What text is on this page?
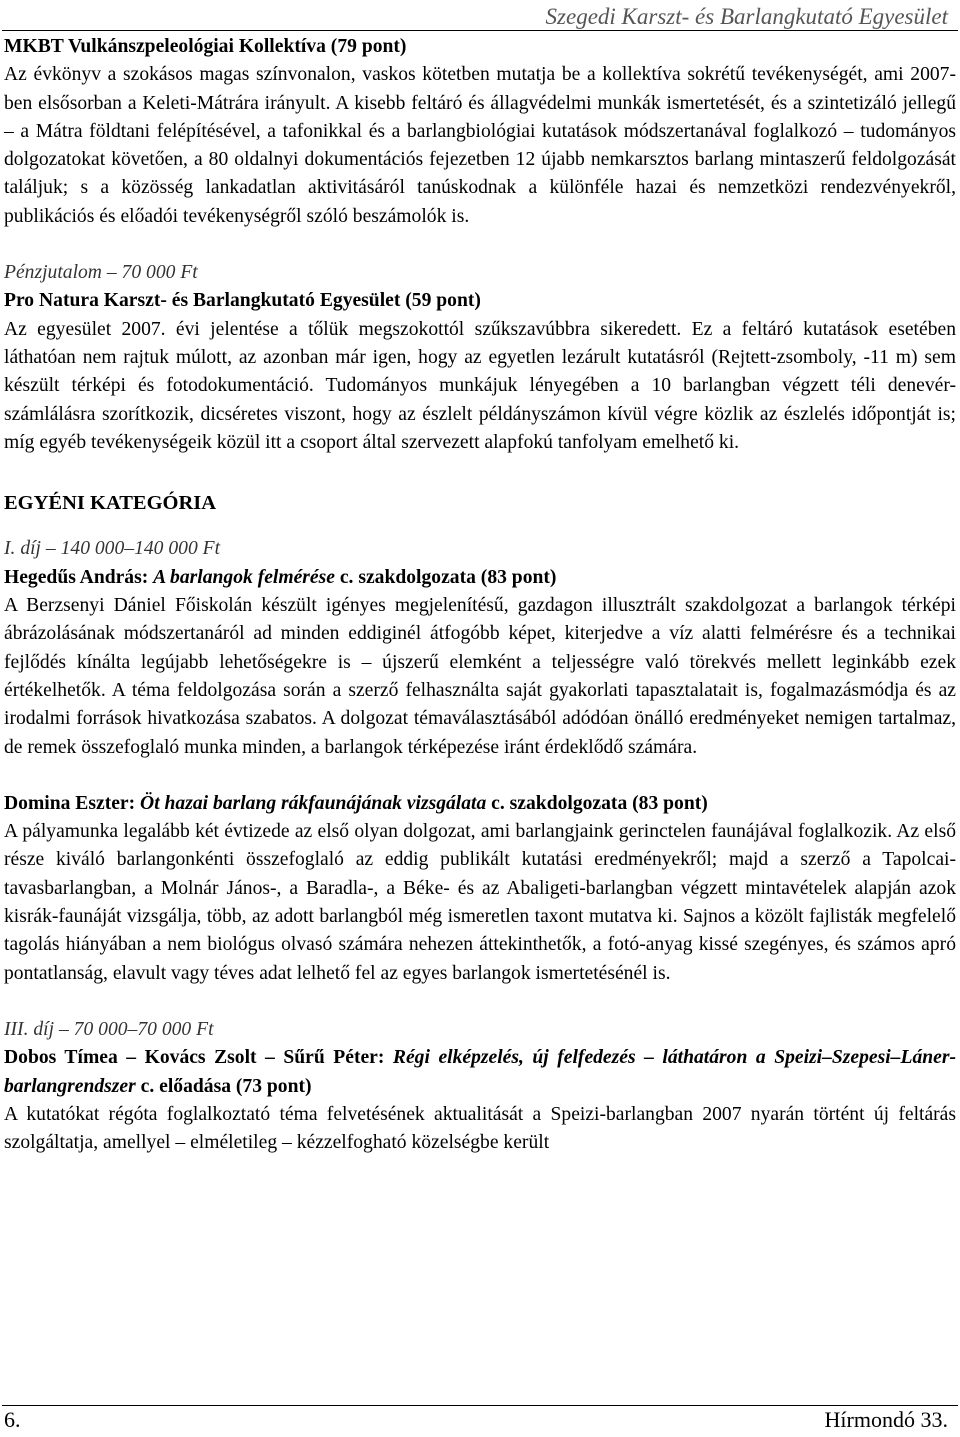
Szegedi Karszt- és Barlangkutató Egyesület

MKBT Vulkánszpeleológiai Kollektíva (79 pont)

Az évkönyv a szokásos magas színvonalon, vaskos kötetben mutatja be a kollektíva sokrétű tevékenységét, ami 2007-ben elsősorban a Keleti-Mátrára irányult. A kisebb feltáró és állagvédelmi munkák ismertetését, és a szintetizáló jellegű – a Mátra földtani felépítésével, a tafonikkal és a barlangbiológiai kutatások módszertanával foglalkozó – tudományos dolgozatokat követően, a 80 oldalnyi dokumentációs fejezetben 12 újabb nemkarsztos barlang mintaszerű feldolgozását találjuk; s a közösség lankadatlan aktivitásáról tanúskodnak a különféle hazai és nemzetközi rendezvényekről, publikációs és előadói tevékenységről szóló beszámolók is.

Pénzjutalom – 70 000 Ft

Pro Natura Karszt- és Barlangkutató Egyesület (59 pont)

Az egyesület 2007. évi jelentése a tőlük megszokottól szűkszavúbbra sikeredett. Ez a feltáró kutatások esetében láthatóan nem rajtuk múlott, az azonban már igen, hogy az egyetlen lezárult kutatásról (Rejtett-zsomboly, -11 m) sem készült térképi és fotodokumentáció. Tudományos munkájuk lényegében a 10 barlangban végzett téli denevér-számlálásra szorítkozik, dicséretes viszont, hogy az észlelt példányszámon kívül végre közlik az észlelés időpontját is; míg egyéb tevékenységeik közül itt a csoport által szervezett alapfokú tanfolyam emelhető ki.

EGYÉNI KATEGÓRIA

I. díj – 140 000–140 000 Ft

Hegedűs András: A barlangok felmérése c. szakdolgozata (83 pont)

A Berzsenyi Dániel Főiskolán készült igényes megjelenítésű, gazdagon illusztrált szakdolgozat a barlangok térképi ábrázolásának módszertanáról ad minden eddiginél átfogóbb képet, kiterjedve a víz alatti felmérésre és a technikai fejlődés kínálta legújabb lehetőségekre is – újszerű elemként a teljességre való törekvés mellett leginkább ezek értékelhetők. A téma feldolgozása során a szerző felhasználta saját gyakorlati tapasztalatait is, fogalmazásmódja és az irodalmi források hivatkozása szabatos. A dolgozat témaválasztásából adódóan önálló eredményeket nemigen tartalmaz, de remek összefoglaló munka minden, a barlangok térképezése iránt érdeklődő számára.

Domina Eszter: Öt hazai barlang rákfaunájának vizsgálata c. szakdolgozata (83 pont)

A pályamunka legalább két évtizede az első olyan dolgozat, ami barlangjaink gerinctelen faunájával foglalkozik. Az első része kiváló barlangonkénti összefoglaló az eddig publikált kutatási eredményekről; majd a szerző a Tapolcai-tavasbarlangban, a Molnár János-, a Baradla-, a Béke- és az Abaligeti-barlangban végzett mintavételek alapján azok kisrák-faunáját vizsgálja, több, az adott barlangból még ismeretlen taxont mutatva ki. Sajnos a közölt fajlisták megfelelő tagolás hiányában a nem biológus olvasó számára nehezen áttekinthetők, a fotó-anyag kissé szegényes, és számos apró pontatlanság, elavult vagy téves adat lelhető fel az egyes barlangok ismertetésénél is.

III. díj – 70 000–70 000 Ft

Dobos Tímea – Kovács Zsolt – Sűrű Péter: Régi elképzelés, új felfedezés – láthatáron a Speizi–Szepesi–Láner- barlangrendszer c. előadása (73 pont)

A kutatókat régóta foglalkoztató téma felvetésének aktualitását a Speizi-barlangban 2007 nyarán történt új feltárás szolgáltatja, amellyel – elméletileg – kézzelfogható közelségbe került

6.	Hírmondó 33.
